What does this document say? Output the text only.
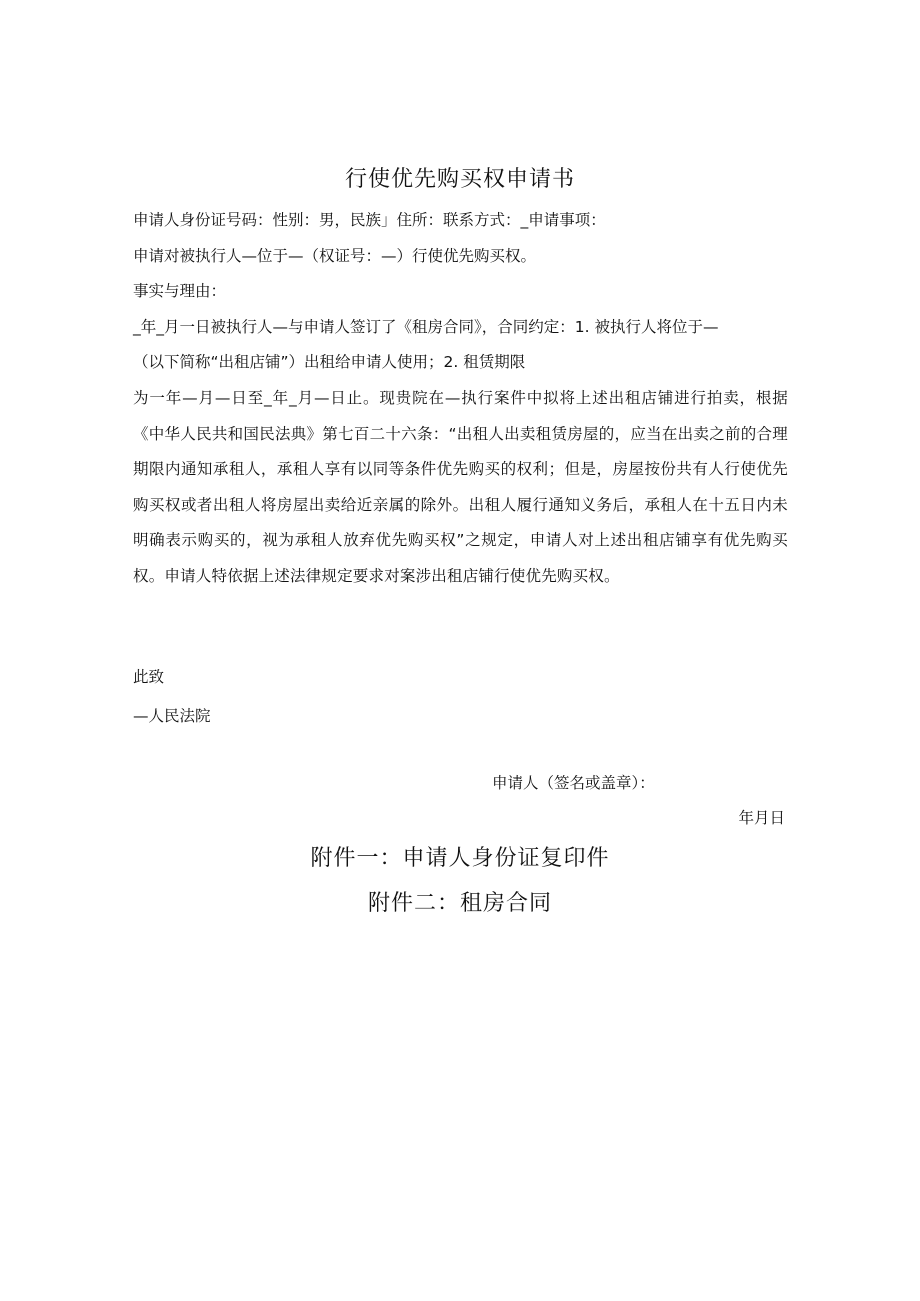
行使优先购买权申请书
申请人身份证号码：性别：男，民族」住所：联系方式：_申请事项：
申请对被执行人—位于—（权证号：—）行使优先购买权。
事实与理由：
_年_月一日被执行人—与申请人签订了《租房合同》，合同约定：1. 被执行人将位于—
（以下简称“出租店铺”）出租给申请人使用；2. 租赁期限
为一年—月—日至_年_月—日止。现贵院在—执行案件中拟将上述出租店铺进行拍卖，根据《中华人民共和国民法典》第七百二十六条：“出租人出卖租赁房屋的，应当在出卖之前的合理期限内通知承租人，承租人享有以同等条件优先购买的权利；但是，房屋按份共有人行使优先购买权或者出租人将房屋出卖给近亲属的除外。出租人履行通知义务后，承租人在十五日内未明确表示购买的，视为承租人放弃优先购买权”之规定，申请人对上述出租店铺享有优先购买权。申请人特依据上述法律规定要求对案涉出租店铺行使优先购买权。
此致
—人民法院
申请人（签名或盖章）：
年月日
附件一：申请人身份证复印件
附件二：租房合同
